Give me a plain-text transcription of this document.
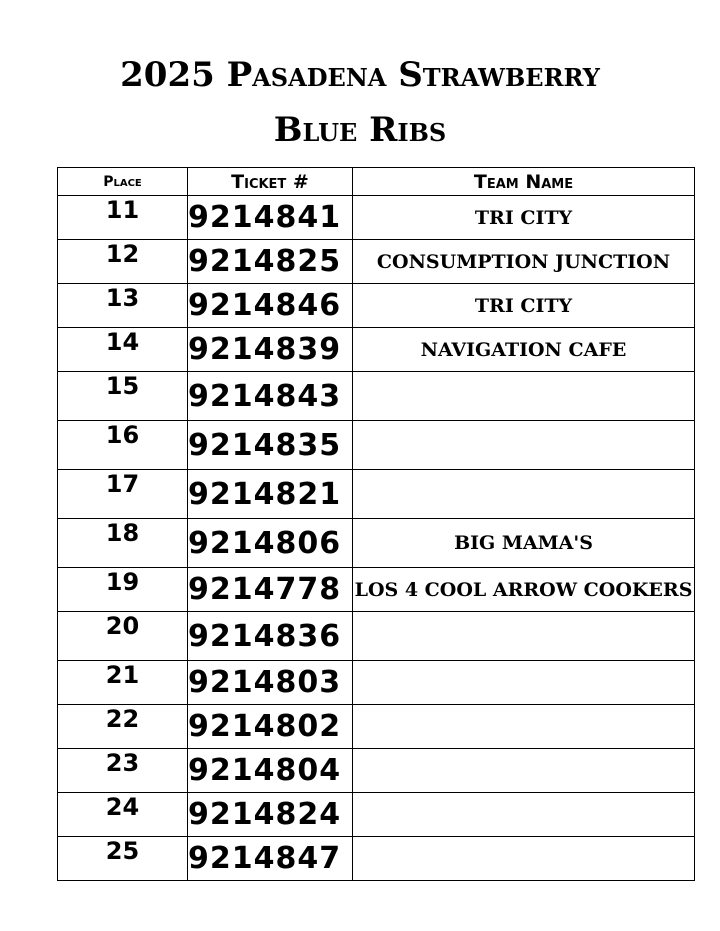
2025 Pasadena Strawberry
Blue Ribs
Place	Ticket #	Team Name
11	9214841	TRI CITY
12	9214825	CONSUMPTION JUNCTION
13	9214846	TRI CITY
14	9214839	NAVIGATION CAFE
15	9214843	
16	9214835	
17	9214821	
18	9214806	BIG MAMA'S
19	9214778	LOS 4 COOL ARROW COOKERS
20	9214836	
21	9214803	
22	9214802	
23	9214804	
24	9214824	
25	9214847	
